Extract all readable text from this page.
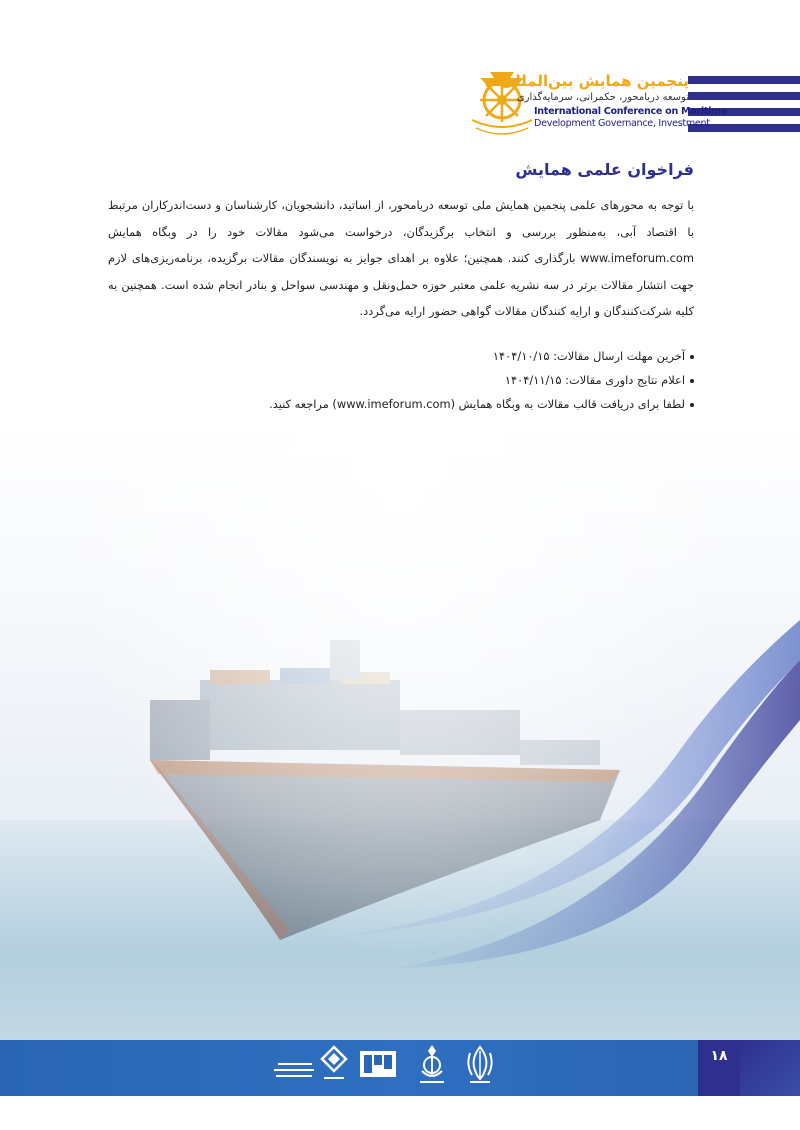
پنجمین همایش بین‌المللی
توسعه دریامحور، حکمرانی، سرمایه‌گذاری
International Conference on Maritime
Development Governance, Investment
فراخوان علمی همایش
با توجه به محورهای علمی پنجمین همایش ملی توسعه دریامحور، از اساتید، دانشجویان، کارشناسان و دست‌اندرکاران مرتبط با اقتصاد آبی، به‌منظور بررسی و انتخاب برگزیدگان، درخواست می‌شود مقالات خود را در وبگاه همایش www.imeforum.com بارگذاری کنند. همچنین؛ علاوه بر اهدای جوایز به نویسندگان مقالات برگزیده، برنامه‌ریزی‌های لازم جهت انتشار مقالات برتر در سه نشریه علمی معتبر حوزه حمل‌ونقل و مهندسی سواحل و بنادر انجام شده است. همچنین به کلیه شرکت‌کنندگان و ارایه کنندگان مقالات گواهی حضور ارایه می‌گردد.
آخرین مهلت ارسال مقالات: ۱۴۰۴/۱۰/۱۵
اعلام نتایج داوری مقالات: ۱۴۰۴/۱۱/۱۵
لطفا برای دریافت قالب مقالات به وبگاه همایش (www.imeforum.com) مراجعه کنید.
۱۸
